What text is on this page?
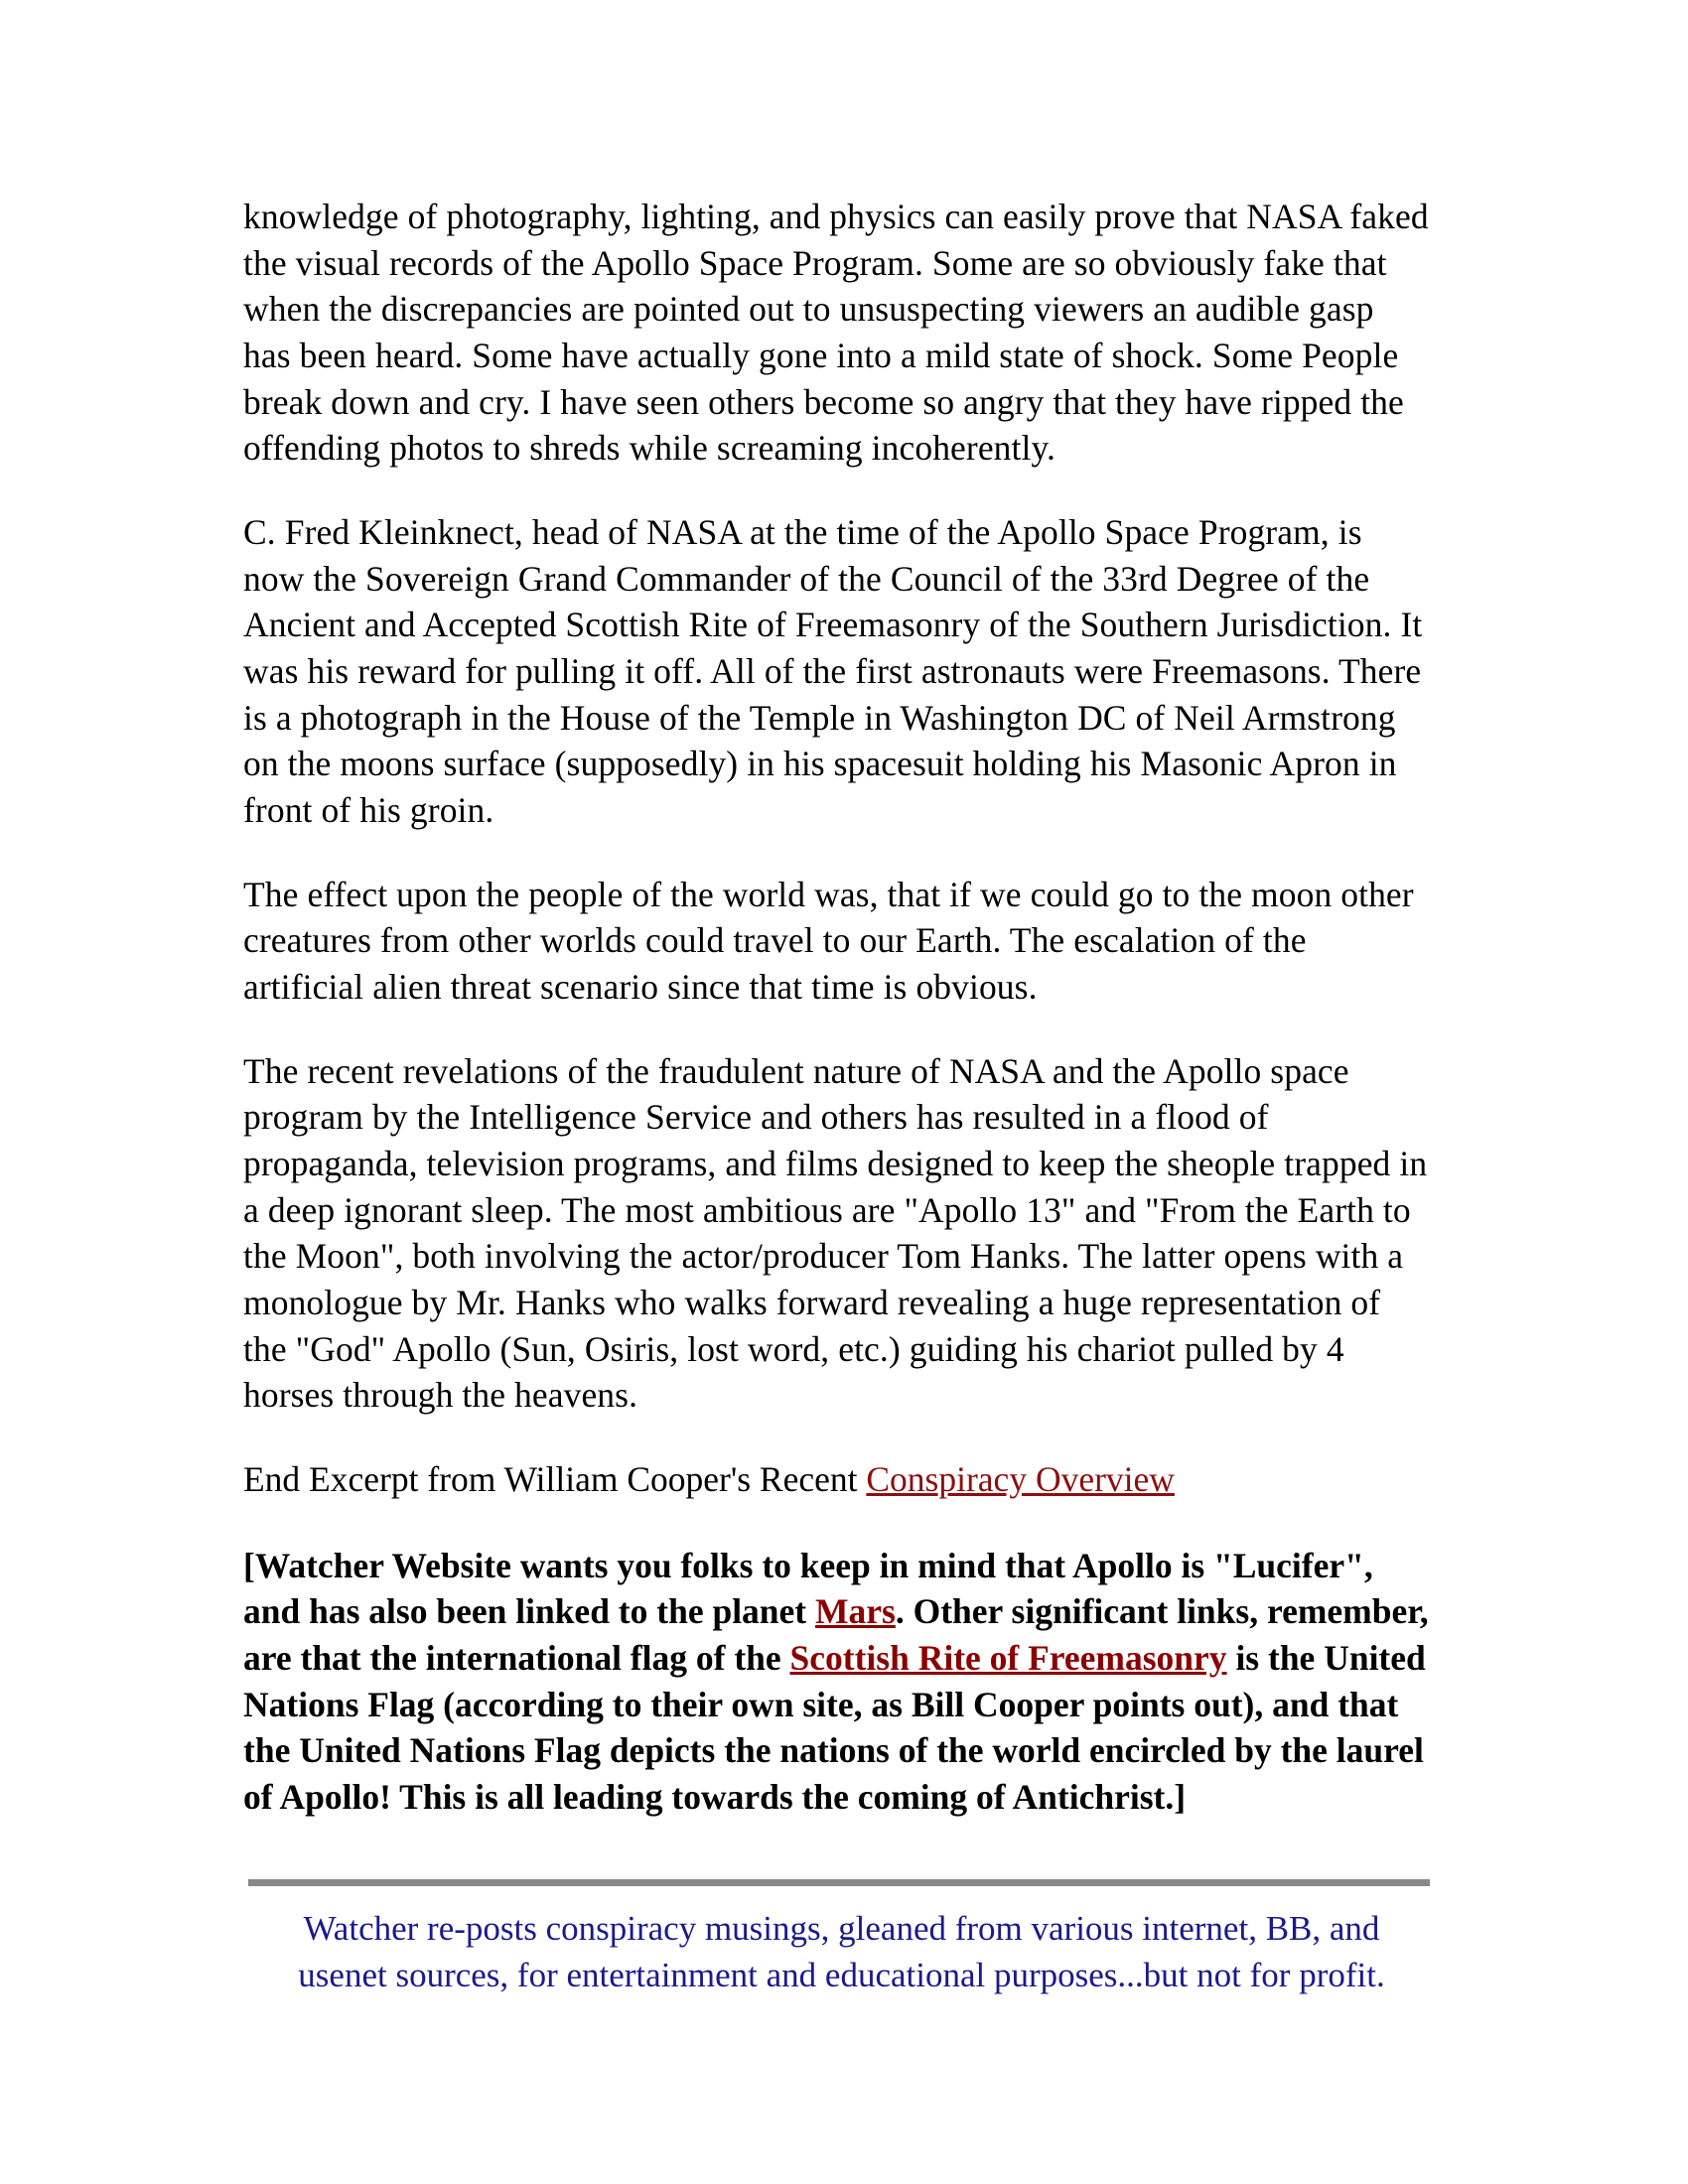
knowledge of photography, lighting, and physics can easily prove that NASA faked the visual records of the Apollo Space Program. Some are so obviously fake that when the discrepancies are pointed out to unsuspecting viewers an audible gasp has been heard. Some have actually gone into a mild state of shock. Some People break down and cry. I have seen others become so angry that they have ripped the offending photos to shreds while screaming incoherently.

C. Fred Kleinknect, head of NASA at the time of the Apollo Space Program, is now the Sovereign Grand Commander of the Council of the 33rd Degree of the Ancient and Accepted Scottish Rite of Freemasonry of the Southern Jurisdiction. It was his reward for pulling it off. All of the first astronauts were Freemasons. There is a photograph in the House of the Temple in Washington DC of Neil Armstrong on the moons surface (supposedly) in his spacesuit holding his Masonic Apron in front of his groin.

The effect upon the people of the world was, that if we could go to the moon other creatures from other worlds could travel to our Earth. The escalation of the artificial alien threat scenario since that time is obvious.

The recent revelations of the fraudulent nature of NASA and the Apollo space program by the Intelligence Service and others has resulted in a flood of propaganda, television programs, and films designed to keep the sheople trapped in a deep ignorant sleep. The most ambitious are "Apollo 13" and "From the Earth to the Moon", both involving the actor/producer Tom Hanks. The latter opens with a monologue by Mr. Hanks who walks forward revealing a huge representation of the "God" Apollo (Sun, Osiris, lost word, etc.) guiding his chariot pulled by 4 horses through the heavens.

End Excerpt from William Cooper's Recent Conspiracy Overview

[Watcher Website wants you folks to keep in mind that Apollo is "Lucifer", and has also been linked to the planet Mars. Other significant links, remember, are that the international flag of the Scottish Rite of Freemasonry is the United Nations Flag (according to their own site, as Bill Cooper points out), and that the United Nations Flag depicts the nations of the world encircled by the laurel of Apollo! This is all leading towards the coming of Antichrist.]

Watcher re-posts conspiracy musings, gleaned from various internet, BB, and

usenet sources, for entertainment and educational purposes...but not for profit.
